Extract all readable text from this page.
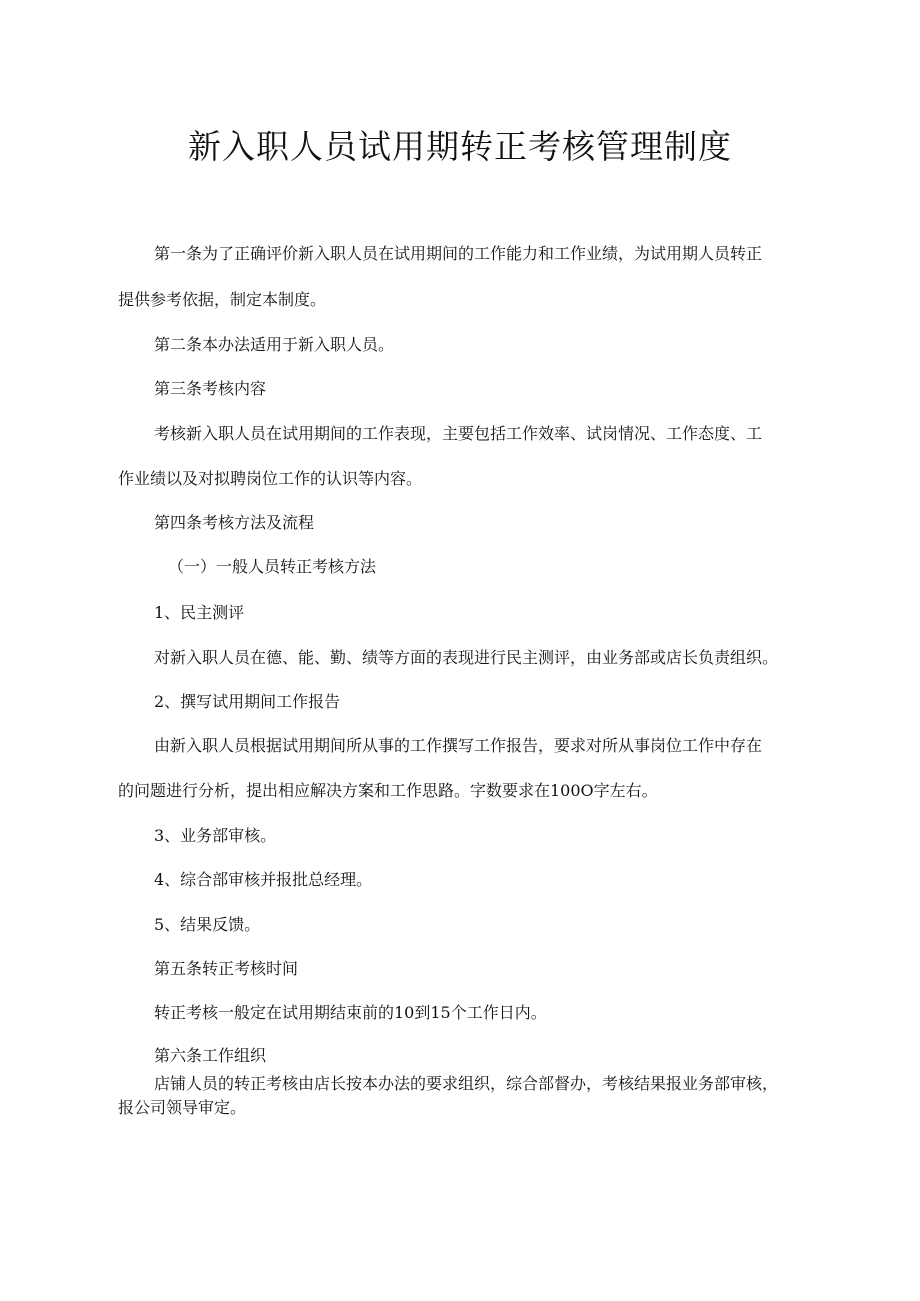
新入职人员试用期转正考核管理制度

第一条为了正确评价新入职人员在试用期间的工作能力和工作业绩，为试用期人员转正

提供参考依据，制定本制度。

第二条本办法适用于新入职人员。

第三条考核内容

考核新入职人员在试用期间的工作表现，主要包括工作效率、试岗情况、工作态度、工

作业绩以及对拟聘岗位工作的认识等内容。

第四条考核方法及流程

（一）一般人员转正考核方法

1、民主测评

对新入职人员在德、能、勤、绩等方面的表现进行民主测评，由业务部或店长负责组织。

2、撰写试用期间工作报告

由新入职人员根据试用期间所从事的工作撰写工作报告，要求对所从事岗位工作中存在

的问题进行分析，提出相应解决方案和工作思路。字数要求在100O字左右。

3、业务部审核。

4、综合部审核并报批总经理。

5、结果反馈。

第五条转正考核时间

转正考核一般定在试用期结束前的10到15个工作日内。

第六条工作组织

店铺人员的转正考核由店长按本办法的要求组织，综合部督办，考核结果报业务部审核，

报公司领导审定。
